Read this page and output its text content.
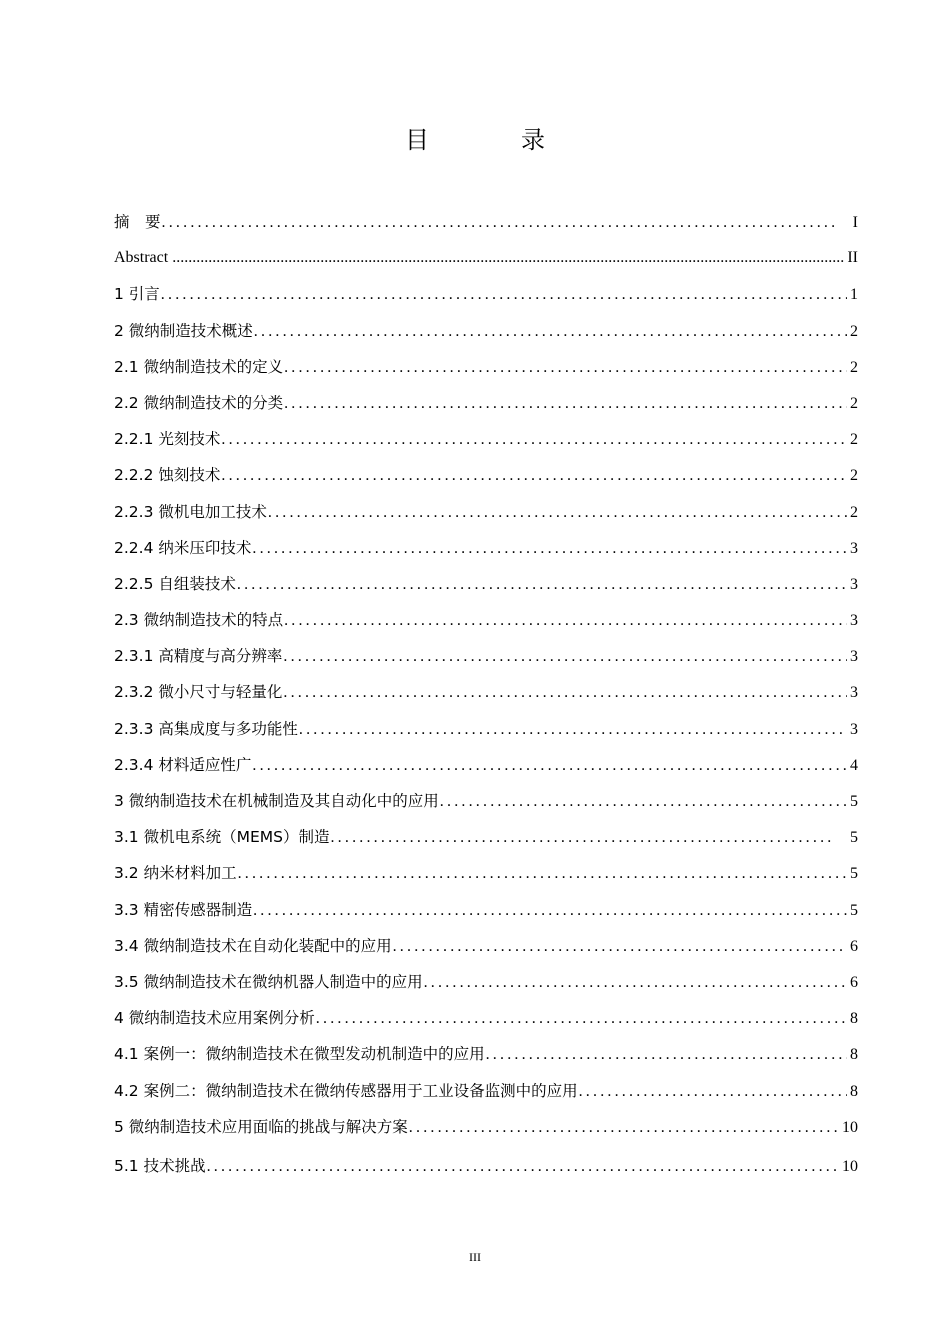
目　录
摘　要 .....	I
Abstract .....	II
1 引言 .....	1
2 微纳制造技术概述 .....	2
2.1 微纳制造技术的定义 .....	2
2.2 微纳制造技术的分类 .....	2
2.2.1 光刻技术 .....	2
2.2.2 蚀刻技术 .....	2
2.2.3 微机电加工技术 .....	2
2.2.4 纳米压印技术 .....	3
2.2.5 自组装技术 .....	3
2.3 微纳制造技术的特点 .....	3
2.3.1 高精度与高分辨率 .....	3
2.3.2 微小尺寸与轻量化 .....	3
2.3.3 高集成度与多功能性 .....	3
2.3.4 材料适应性广 .....	4
3 微纳制造技术在机械制造及其自动化中的应用 .....	5
3.1 微机电系统（MEMS）制造 .....	5
3.2 纳米材料加工 .....	5
3.3 精密传感器制造 .....	5
3.4 微纳制造技术在自动化装配中的应用 .....	6
3.5 微纳制造技术在微纳机器人制造中的应用 .....	6
4 微纳制造技术应用案例分析 .....	8
4.1 案例一：微纳制造技术在微型发动机制造中的应用 .....	8
4.2 案例二：微纳制造技术在微纳传感器用于工业设备监测中的应用 .....	8
5 微纳制造技术应用面临的挑战与解决方案 .....	10
5.1 技术挑战 .....	10
III
